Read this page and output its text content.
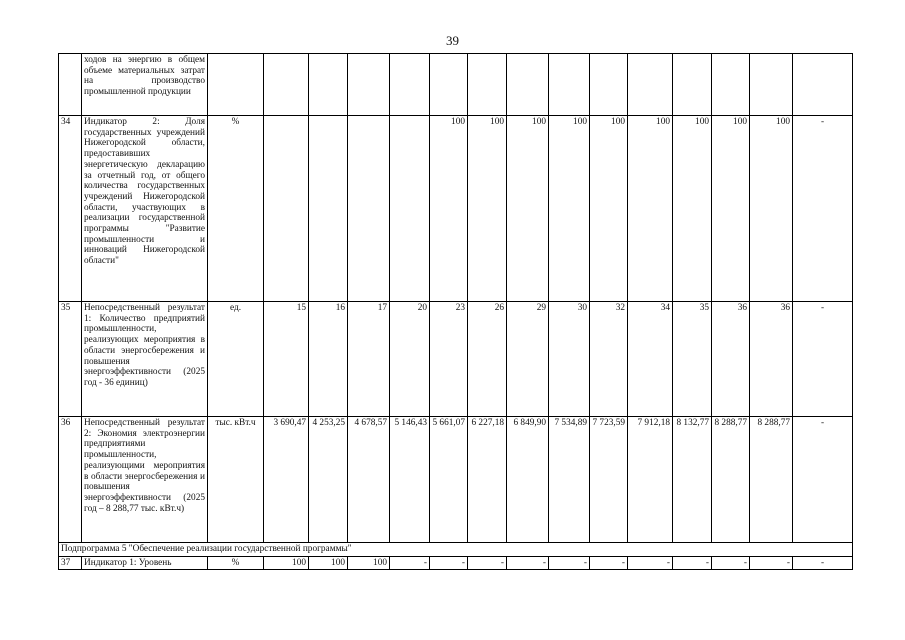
39
	ходов на энергию в общем объеме материальных затрат на производство промышленной продукции															
34	Индикатор 2: Доля государственных учреждений Нижегородской области, предоставивших энергетическую декларацию за отчетный год, от общего количества государственных учреждений Нижегородской области, участвующих в реализации государственной программы "Развитие промышленности и инноваций Нижегородской области"	%					100	100	100	100	100	100	100	100	100	-
35	Непосредственный результат 1: Количество предприятий промышленности, реализующих мероприятия в области энергосбережения и повышения энергоэффективности (2025 год - 36 единиц)	ед.	15	16	17	20	23	26	29	30	32	34	35	36	36	-
36	Непосредственный результат 2: Экономия электроэнергии предприятиями промышленности, реализующими мероприятия в области энергосбережения и повышения энергоэффективности (2025 год – 8 288,77 тыс. кВт.ч)	тыс. кВт.ч	3 690,47	4 253,25	4 678,57	5 146,43	5 661,07	6 227,18	6 849,90	7 534,89	7 723,59	7 912,18	8 132,77	8 288,77	8 288,77	-
Подпрограмма 5 "Обеспечение реализации государственной программы"																
37	Индикатор 1: Уровень	%	100	100	100	-	-	-	-	-	-	-	-	-	-	-
